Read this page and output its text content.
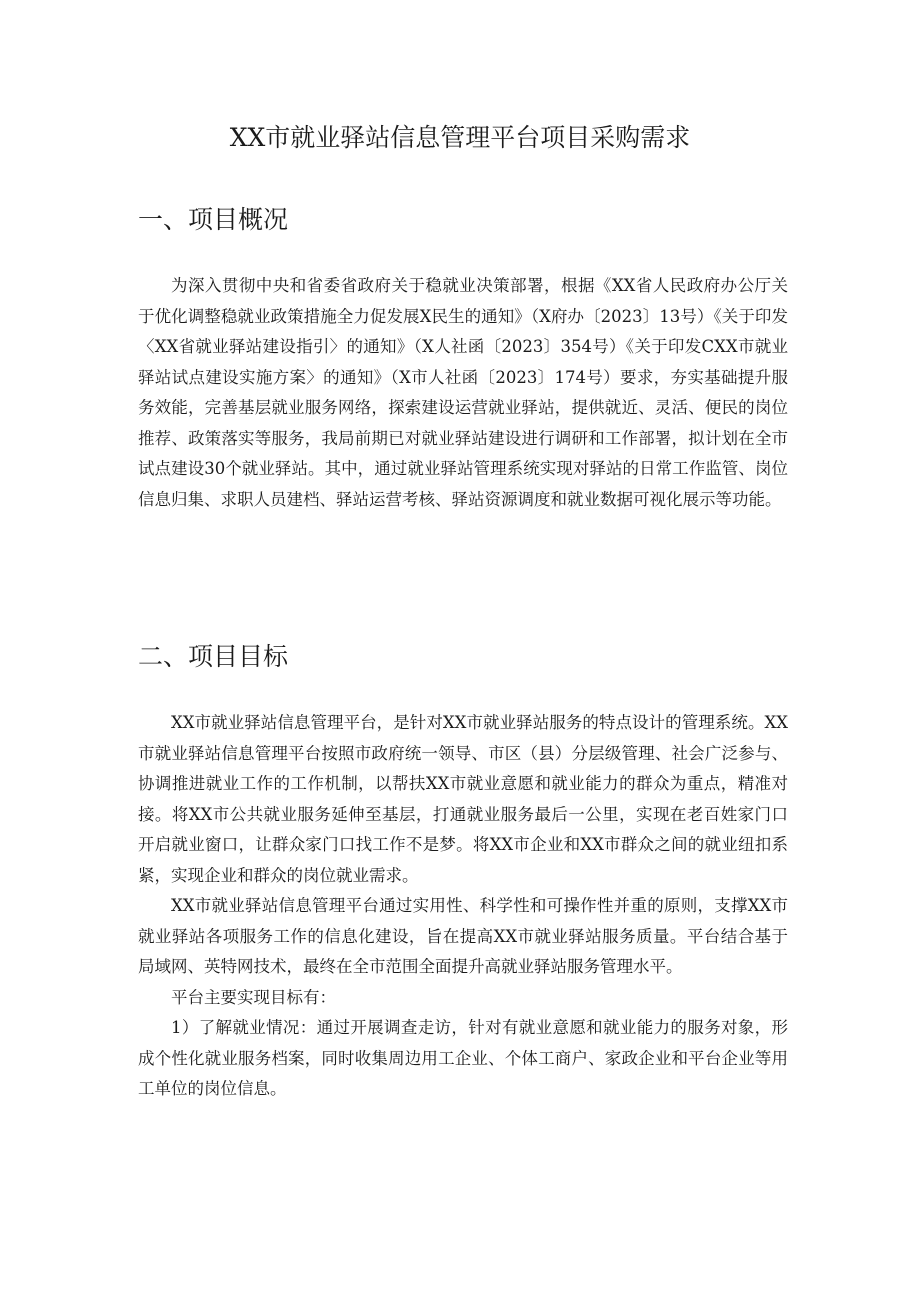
XX市就业驿站信息管理平台项目采购需求
一、项目概况

为深入贯彻中央和省委省政府关于稳就业决策部署，根据《XX省人民政府办公厅关于优化调整稳就业政策措施全力促发展X民生的通知》（X府办〔2023〕13号）《关于印发〈XX省就业驿站建设指引〉的通知》（X人社函〔2023〕354号）《关于印发CXX市就业驿站试点建设实施方案〉的通知》（X市人社函〔2023〕174号）要求，夯实基础提升服务效能，完善基层就业服务网络，探索建设运营就业驿站，提供就近、灵活、便民的岗位推荐、政策落实等服务，我局前期已对就业驿站建设进行调研和工作部署，拟计划在全市试点建设30个就业驿站。其中，通过就业驿站管理系统实现对驿站的日常工作监管、岗位信息归集、求职人员建档、驿站运营考核、驿站资源调度和就业数据可视化展示等功能。

二、项目目标

XX市就业驿站信息管理平台，是针对XX市就业驿站服务的特点设计的管理系统。XX市就业驿站信息管理平台按照市政府统一领导、市区（县）分层级管理、社会广泛参与、协调推进就业工作的工作机制，以帮扶XX市就业意愿和就业能力的群众为重点，精准对接。将XX市公共就业服务延伸至基层，打通就业服务最后一公里，实现在老百姓家门口开启就业窗口，让群众家门口找工作不是梦。将XX市企业和XX市群众之间的就业纽扣系紧，实现企业和群众的岗位就业需求。

XX市就业驿站信息管理平台通过实用性、科学性和可操作性并重的原则，支撑XX市就业驿站各项服务工作的信息化建设，旨在提高XX市就业驿站服务质量。平台结合基于局域网、英特网技术，最终在全市范围全面提升高就业驿站服务管理水平。

平台主要实现目标有：

1）了解就业情况：通过开展调查走访，针对有就业意愿和就业能力的服务对象，形成个性化就业服务档案，同时收集周边用工企业、个体工商户、家政企业和平台企业等用工单位的岗位信息。
